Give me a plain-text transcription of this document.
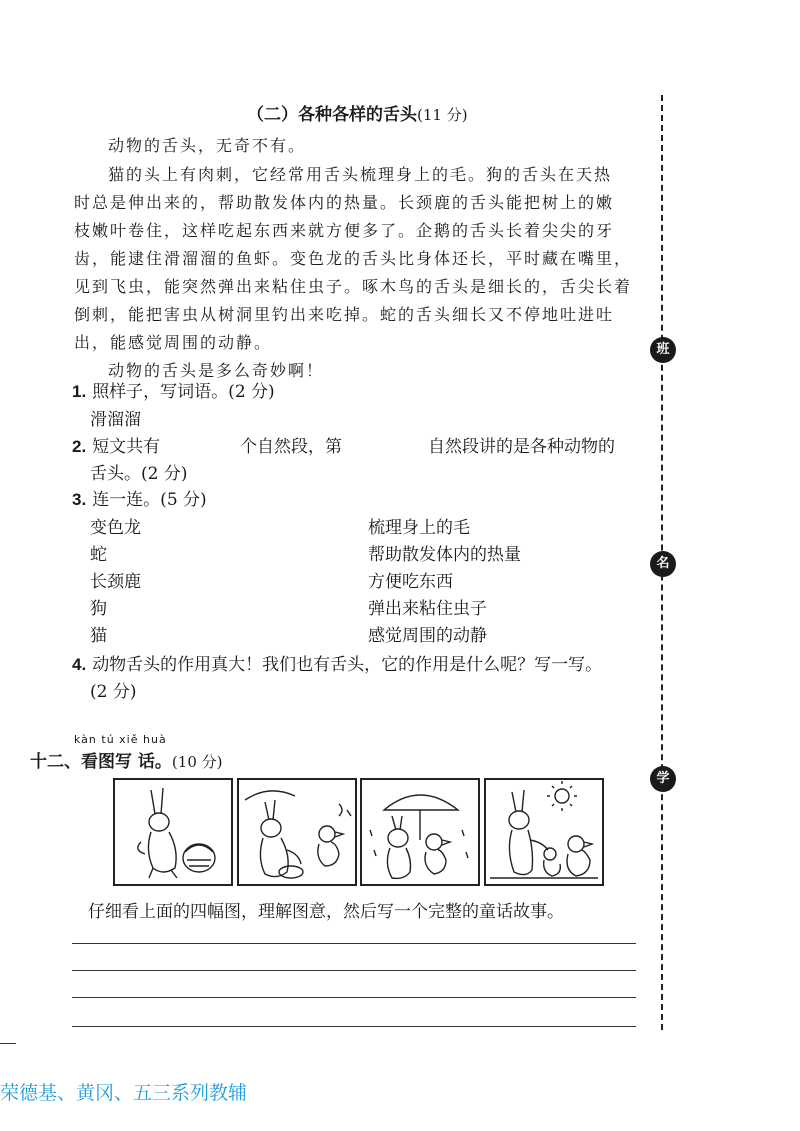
（二）各种各样的舌头(11 分)
动物的舌头，无奇不有。
猫的头上有肉刺，它经常用舌头梳理身上的毛。狗的舌头在天热
时总是伸出来的，帮助散发体内的热量。长颈鹿的舌头能把树上的嫩
枝嫩叶卷住，这样吃起东西来就方便多了。企鹅的舌头长着尖尖的牙
齿，能逮住滑溜溜的鱼虾。变色龙的舌头比身体还长，平时藏在嘴里，
见到飞虫，能突然弹出来粘住虫子。啄木鸟的舌头是细长的，舌尖长着
倒刺，能把害虫从树洞里钓出来吃掉。蛇的舌头细长又不停地吐进吐
出，能感觉周围的动静。
动物的舌头是多么奇妙啊！
1. 照样子，写词语。(2 分)
滑溜溜
2. 短文共有	个自然段，第	自然段讲的是各种动物的
舌头。(2 分)
3. 连一连。(5 分)
变色龙
蛇
长颈鹿
狗
猫
梳理身上的毛
帮助散发体内的热量
方便吃东西
弹出来粘住虫子
感觉周围的动静
4. 动物舌头的作用真大！我们也有舌头，它的作用是什么呢？写一写。
(2 分)
kàn tú xiě huà
十二、看图写 话。(10 分)
仔细看上面的四幅图，理解图意，然后写一个完整的童话故事。
班
名
学
荣德基、黄冈、五三系列教辅
